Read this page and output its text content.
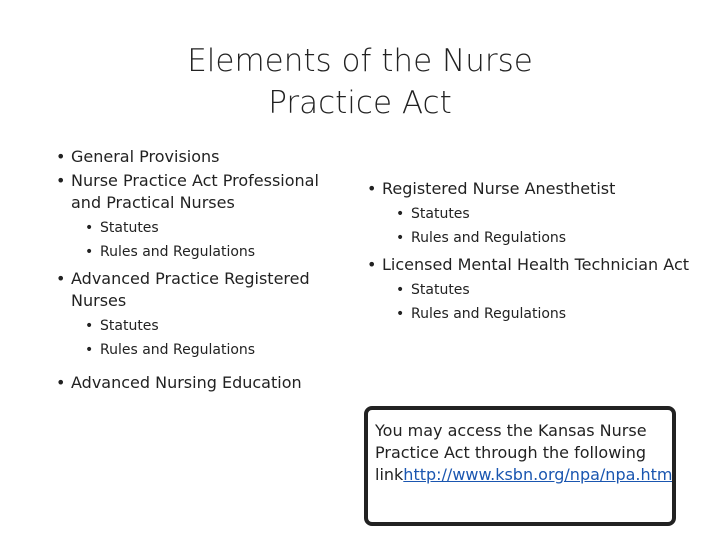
Elements of the Nurse
Practice Act
• General Provisions
• Nurse Practice Act Professional and Practical Nurses
• Statutes
• Rules and Regulations
• Advanced Practice Registered Nurses
• Statutes
• Rules and Regulations
• Advanced Nursing Education
• Registered Nurse Anesthetist
• Statutes
• Rules and Regulations
• Licensed Mental Health Technician Act
• Statutes
• Rules and Regulations
You may access the Kansas Nurse
Practice Act through the following
linkhttp://www.ksbn.org/npa/npa.htm
